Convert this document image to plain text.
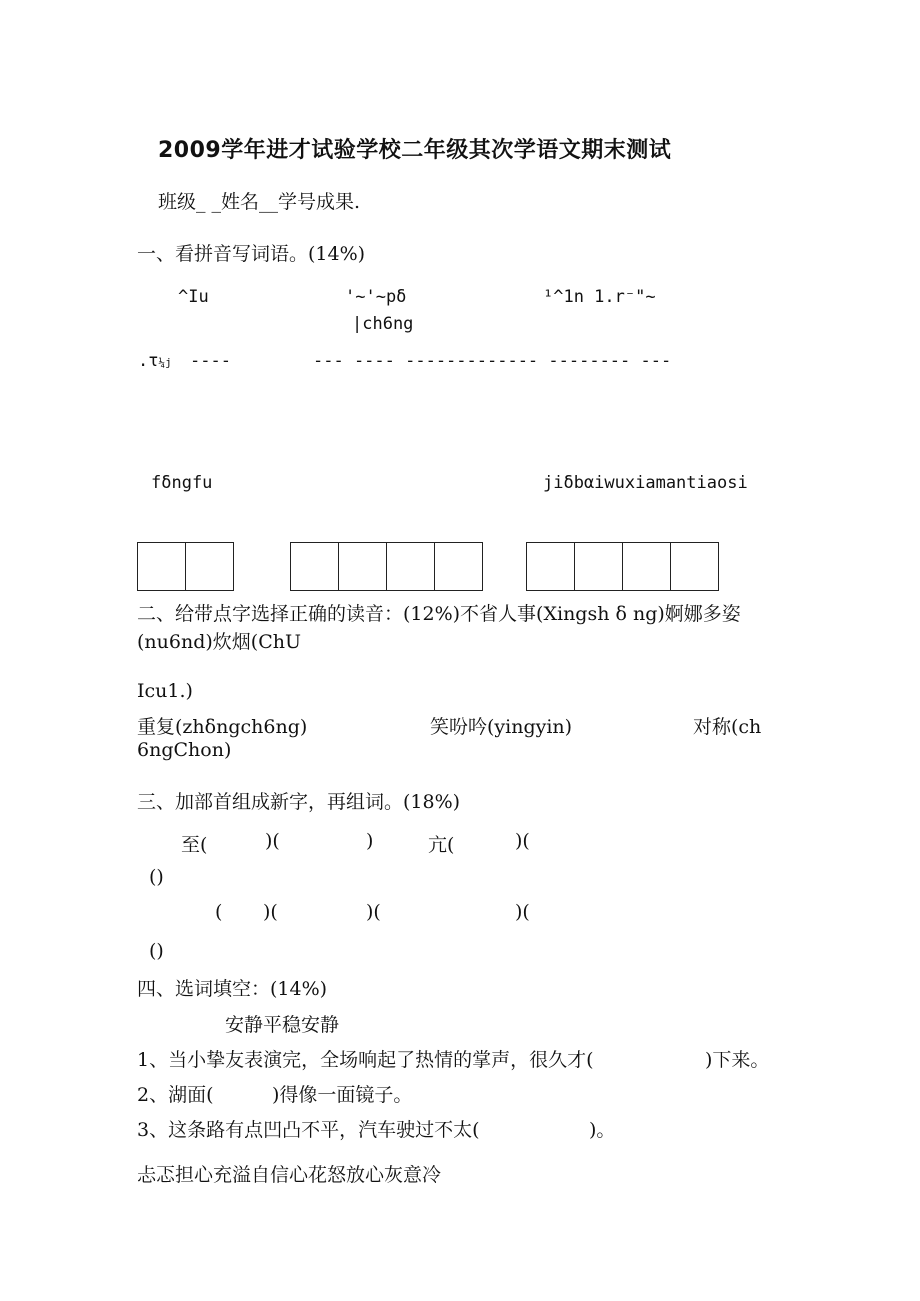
2009学年进才试验学校二年级其次学语文期末测试
班级_ _姓名__学号成果.
一、看拼音写词语。(14%)
^Iu	'~'~pδ	¹^1n 1.r⁻"~
|ch6ng
.τ¼j ----	--- ---- ------------- -------- ---
fδngfu	jiδbαiwuxiamantiaosi
二、给带点字选择正确的读音：(12%)不省人事(Xingsh δ ng)婀娜多姿
(nu6nd)炊烟(ChU
Icu1.)
重复(zhδngch6ng)	笑吩吟(yingyin)	对称(ch
6ngChon)
三、加部首组成新字，再组词。(18%)
至(	)(	)	亢(	)(
()
( )(	)(	)(
()
四、选词填空：(14%)
安静平稳安静
1、当小挚友表演完，全场响起了热情的掌声，很久才(	)下来。
2、湖面(	)得像一面镜子。
3、这条路有点凹凸不平，汽车驶过不太(	)。
忐忑担心充溢自信心花怒放心灰意冷
